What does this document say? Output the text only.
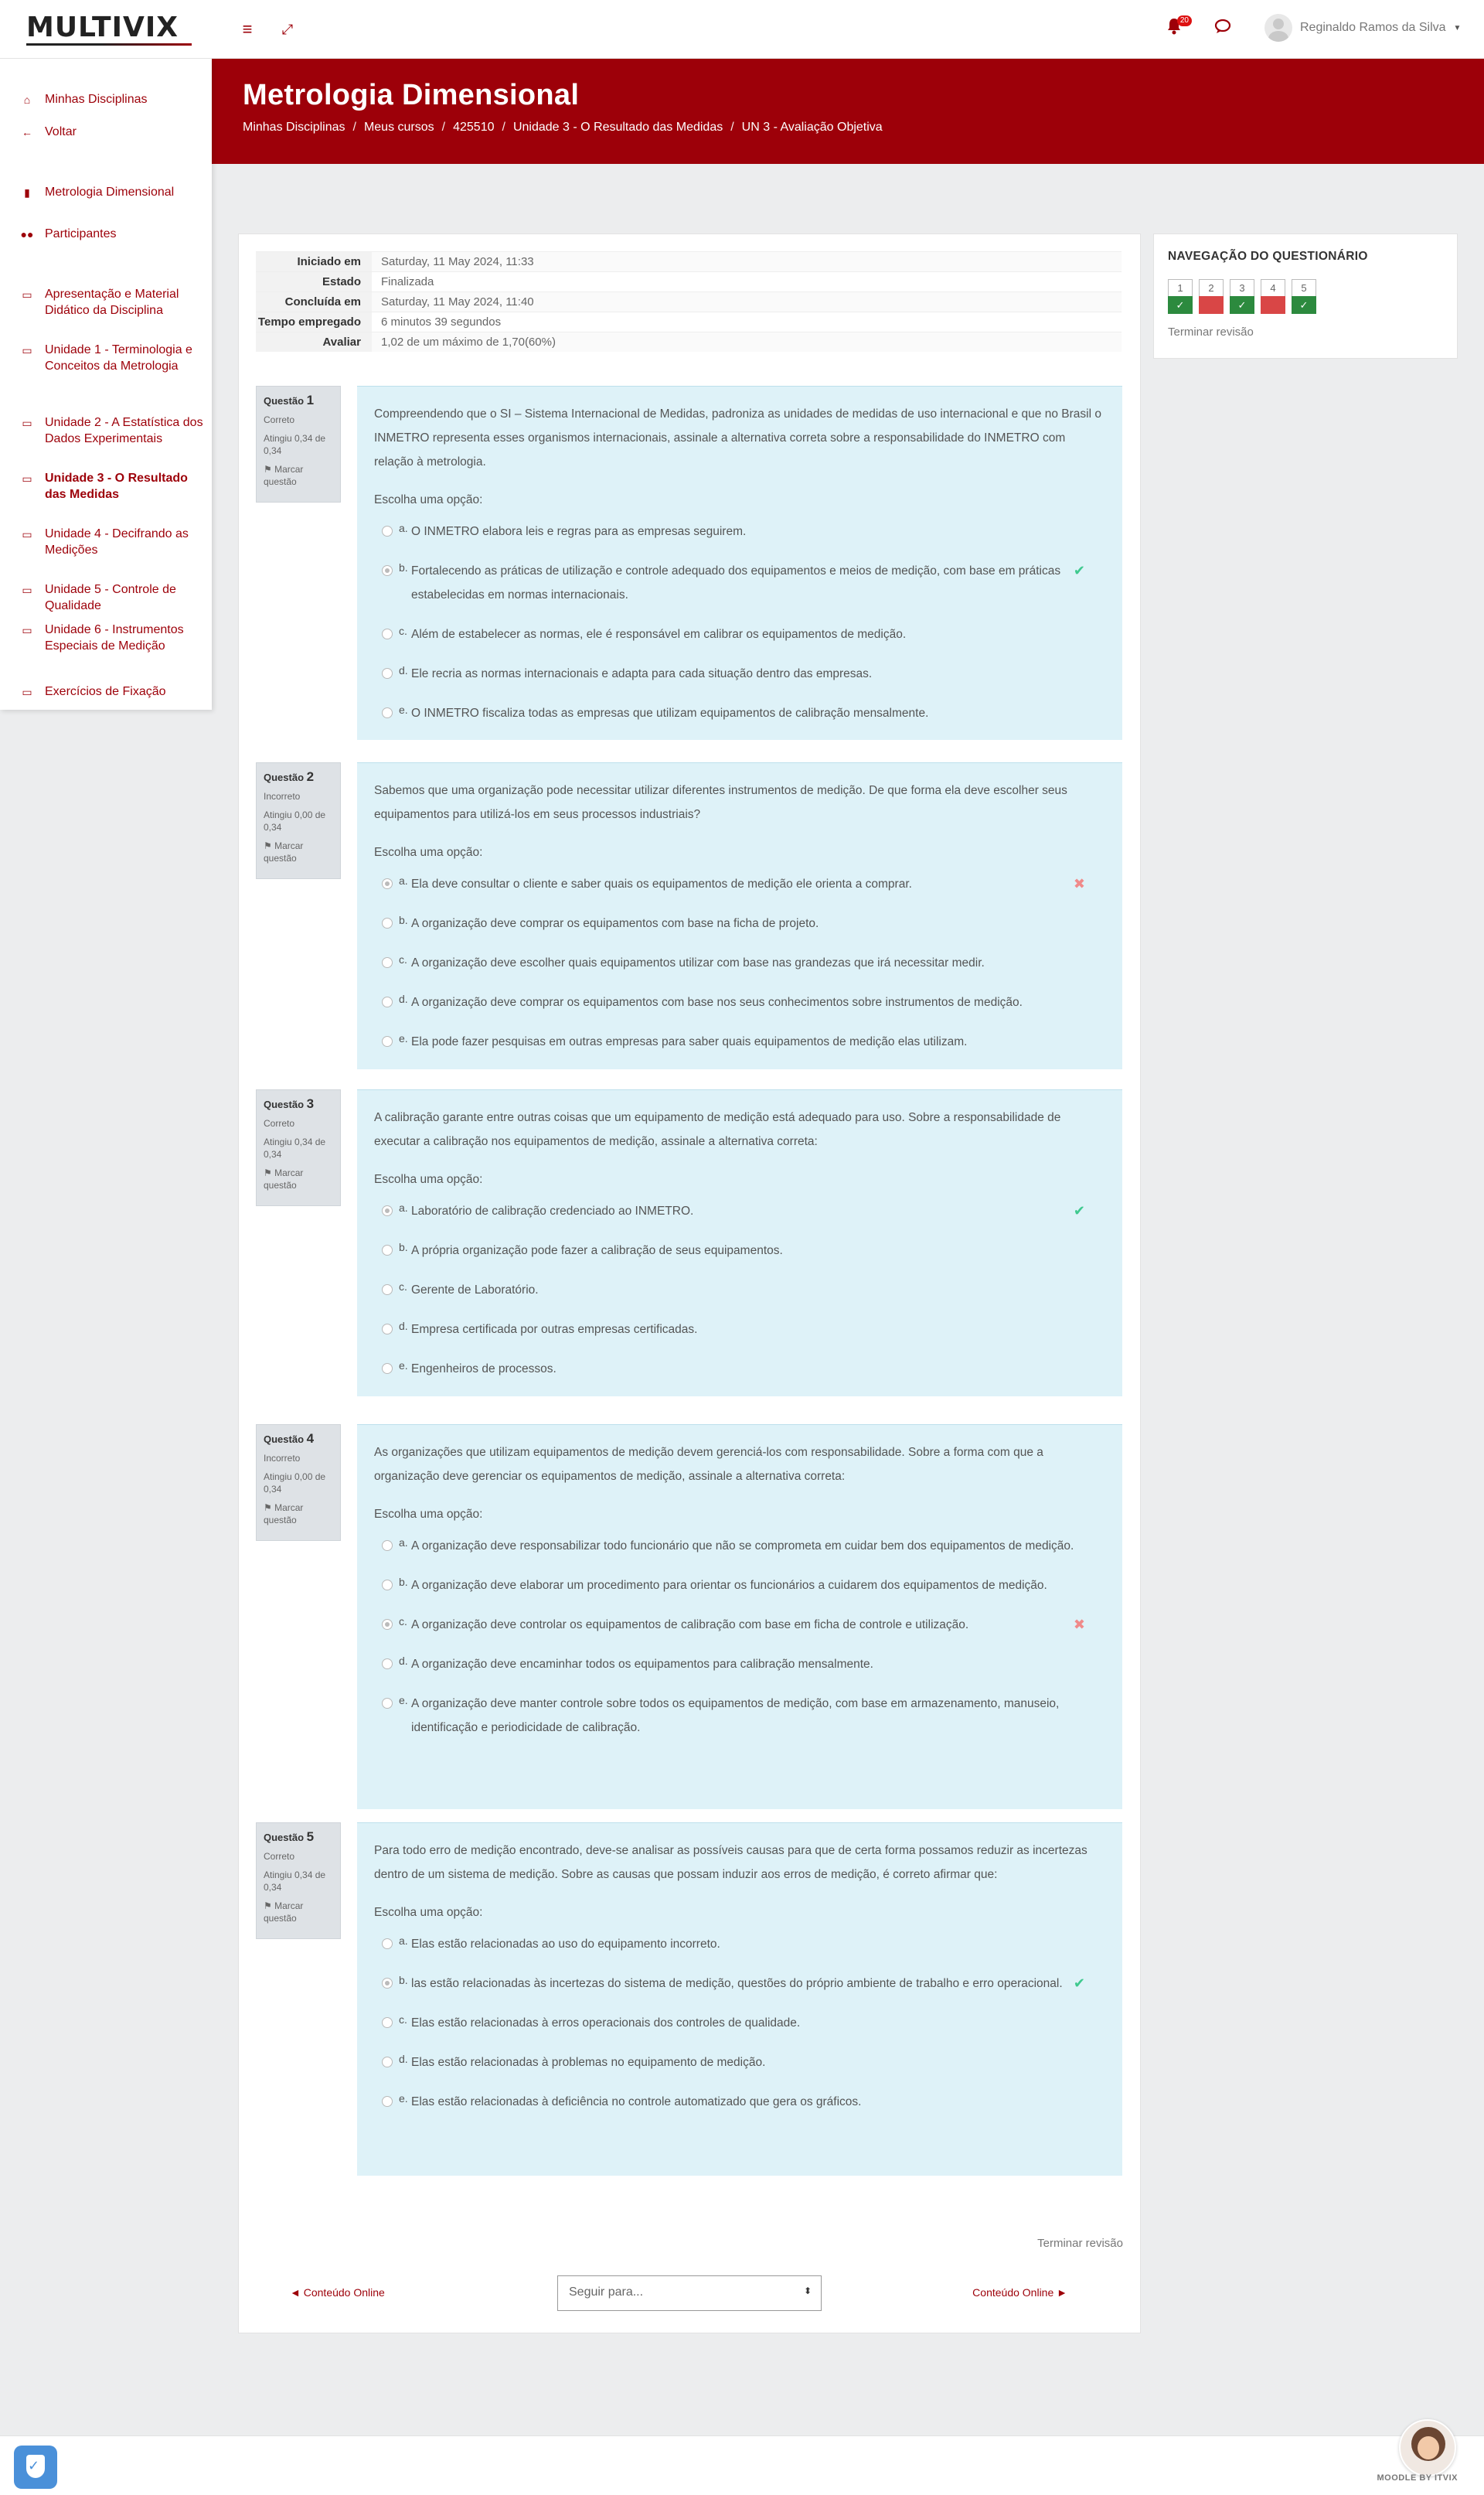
MULTIVIX	≡	⤢
20
Reginaldo Ramos da Silva ▼
⌂ Minhas Disciplinas
← Voltar
▮	Metrologia Dimensional
●● Participantes
▭ Apresentação e Material Didático da Disciplina
▭ Unidade 1 - Terminologia e Conceitos da Metrologia
▭ Unidade 2 - A Estatística dos Dados Experimentais
▭ Unidade 3 - O Resultado das Medidas
▭ Unidade 4 - Decifrando as Medições
▭ Unidade 5 - Controle de Qualidade
▭ Unidade 6 - Instrumentos Especiais de Medição
▭ Exercícios de Fixação
Metrologia Dimensional
Minhas Disciplinas / Meus cursos / 425510 / Unidade 3 - O Resultado das Medidas / UN 3 - Avaliação Objetiva
Iniciado em	Saturday, 11 May 2024, 11:33
Estado	Finalizada
Concluída em	Saturday, 11 May 2024, 11:40
Tempo empregado	6 minutos 39 segundos
Avaliar	1,02 de um máximo de 1,70(60%)
Questão 1
Correto
Atingiu 0,34 de 0,34
⚑ Marcar questão
Compreendendo que o SI – Sistema Internacional de Medidas, padroniza as unidades de medidas de uso internacional e que no Brasil o INMETRO representa esses organismos internacionais, assinale a alternativa correta sobre a responsabilidade do INMETRO com relação à metrologia.
Escolha uma opção:
a. O INMETRO elabora leis e regras para as empresas seguirem.
b. Fortalecendo as práticas de utilização e controle adequado dos equipamentos e meios de medição, com base em práticas estabelecidas em normas internacionais.
✔
c. Além de estabelecer as normas, ele é responsável em calibrar os equipamentos de medição.
d. Ele recria as normas internacionais e adapta para cada situação dentro das empresas.
e. O INMETRO fiscaliza todas as empresas que utilizam equipamentos de calibração mensalmente.
Questão 2
Incorreto
Atingiu 0,00 de 0,34
⚑ Marcar questão
Sabemos que uma organização pode necessitar utilizar diferentes instrumentos de medição. De que forma ela deve escolher seus equipamentos para utilizá-los em seus processos industriais?
Escolha uma opção:
a. Ela deve consultar o cliente e saber quais os equipamentos de medição ele orienta a comprar.	✖
b. A organização deve comprar os equipamentos com base na ficha de projeto.
c. A organização deve escolher quais equipamentos utilizar com base nas grandezas que irá necessitar medir.
d. A organização deve comprar os equipamentos com base nos seus conhecimentos sobre instrumentos de medição.
e. Ela pode fazer pesquisas em outras empresas para saber quais equipamentos de medição elas utilizam.
Questão 3
Correto
Atingiu 0,34 de 0,34
⚑ Marcar questão
A calibração garante entre outras coisas que um equipamento de medição está adequado para uso. Sobre a responsabilidade de executar a calibração nos equipamentos de medição, assinale a alternativa correta:
Escolha uma opção:
a. Laboratório de calibração credenciado ao INMETRO.	✔
b. A própria organização pode fazer a calibração de seus equipamentos.
c. Gerente de Laboratório.
d. Empresa certificada por outras empresas certificadas.
e. Engenheiros de processos.
Questão 4
Incorreto
Atingiu 0,00 de 0,34
⚑ Marcar questão
As organizações que utilizam equipamentos de medição devem gerenciá-los com responsabilidade. Sobre a forma com que a organização deve gerenciar os equipamentos de medição, assinale a alternativa correta:
Escolha uma opção:
a. A organização deve responsabilizar todo funcionário que não se comprometa em cuidar bem dos equipamentos de medição.
b. A organização deve elaborar um procedimento para orientar os funcionários a cuidarem dos equipamentos de medição.
c. A organização deve controlar os equipamentos de calibração com base em ficha de controle e utilização.	✖
d. A organização deve encaminhar todos os equipamentos para calibração mensalmente.
e. A organização deve manter controle sobre todos os equipamentos de medição, com base em armazenamento, manuseio, identificação e periodicidade de calibração.
Questão 5
Correto
Atingiu 0,34 de 0,34
⚑ Marcar questão
Para todo erro de medição encontrado, deve-se analisar as possíveis causas para que de certa forma possamos reduzir as incertezas dentro de um sistema de medição. Sobre as causas que possam induzir aos erros de medição, é correto afirmar que:
Escolha uma opção:
a. Elas estão relacionadas ao uso do equipamento incorreto.
b. las estão relacionadas às incertezas do sistema de medição, questões do próprio ambiente de trabalho e erro operacional. ✔
c. Elas estão relacionadas à erros operacionais dos controles de qualidade.
d. Elas estão relacionadas à problemas no equipamento de medição.
e. Elas estão relacionadas à deficiência no controle automatizado que gera os gráficos.
Terminar revisão
◄ Conteúdo Online	Seguir para...	⬍	Conteúdo Online ►
NAVEGAÇÃO DO QUESTIONÁRIO
1
✓
2	3
✓
4	5
✓
Terminar revisão
✓
MOODLE BY ITVIX
